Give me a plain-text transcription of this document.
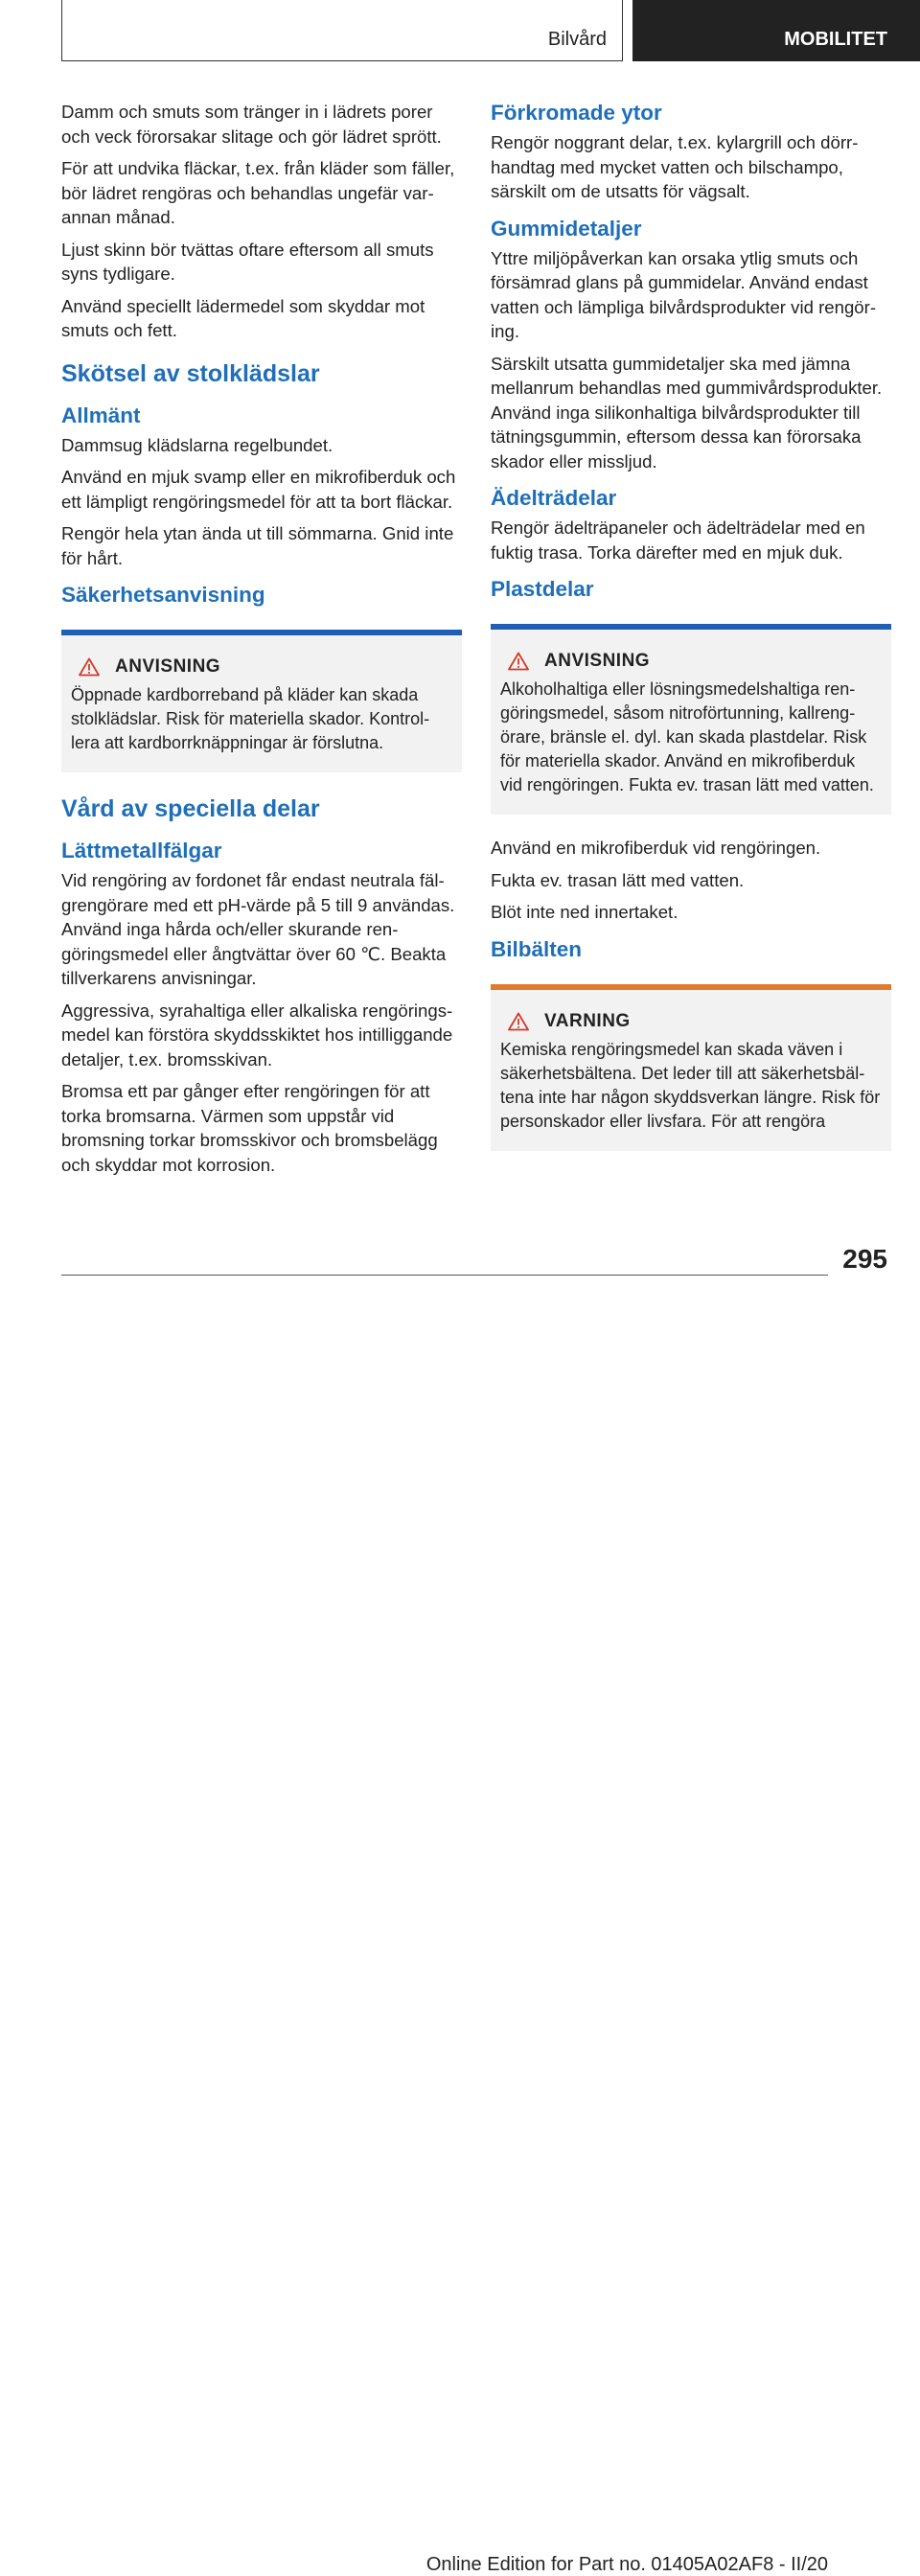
Bilvård	MOBILITET

Damm och smuts som tränger in i lädrets porer och veck förorsakar slitage och gör lädret sprött.

För att undvika fläckar, t.ex. från kläder som fäller, bör lädret rengöras och behandlas ungefär varannan månad.

Ljust skinn bör tvättas oftare eftersom all smuts syns tydligare.

Använd speciellt lädermedel som skyddar mot smuts och fett.

Skötsel av stolklädslar
Allmänt

Dammsug klädslarna regelbundet.

Använd en mjuk svamp eller en mikrofiberduk och ett lämpligt rengöringsmedel för att ta bort fläckar.

Rengör hela ytan ända ut till sömmarna. Gnid inte för hårt.

Säkerhetsanvisning
ANVISNING

Öppnade kardborreband på kläder kan skada stolklädslar. Risk för materiella skador. Kontrollera att kardborrknäppningar är förslutna.

Vård av speciella delar
Lättmetallfälgar

Vid rengöring av fordonet får endast neutrala fälgrengörare med ett pH-värde på 5 till 9 användas. Använd inga hårda och/eller skurande rengöringsmedel eller ångtvättar över 60 ℃. Beakta tillverkarens anvisningar.

Aggressiva, syrahaltiga eller alkaliska rengöringsmedel kan förstöra skyddsskiktet hos intilliggande detaljer, t.ex. bromsskivan.

Bromsa ett par gånger efter rengöringen för att torka bromsarna. Värmen som uppstår vid bromsning torkar bromsskivor och bromsbelägg och skyddar mot korrosion.

Förkromade ytor

Rengör noggrant delar, t.ex. kylargrill och dörrhandtag med mycket vatten och bilschampo, särskilt om de utsatts för vägsalt.

Gummidetaljer

Yttre miljöpåverkan kan orsaka ytlig smuts och försämrad glans på gummidelar. Använd endast vatten och lämpliga bilvårdsprodukter vid rengöring.

Särskilt utsatta gummidetaljer ska med jämna mellanrum behandlas med gummivårdsprodukter. Använd inga silikonhaltiga bilvårdsprodukter till tätningsgummin, eftersom dessa kan förorsaka skador eller missljud.

Ädelträdelar

Rengör ädelträpaneler och ädelträdelar med en fuktig trasa. Torka därefter med en mjuk duk.

Plastdelar
ANVISNING

Alkoholhaltiga eller lösningsmedelshaltiga rengöringsmedel, såsom nitroförtunning, kallrengörare, bränsle el. dyl. kan skada plastdelar. Risk för materiella skador. Använd en mikrofiberduk vid rengöringen. Fukta ev. trasan lätt med vatten.

Använd en mikrofiberduk vid rengöringen.

Fukta ev. trasan lätt med vatten.

Blöt inte ned innertaket.

Bilbälten
VARNING

Kemiska rengöringsmedel kan skada väven i säkerhetsbältena. Det leder till att säkerhetsbältena inte har någon skyddsverkan längre. Risk för personskador eller livsfara. För att rengöra

295
Online Edition for Part no. 01405A02AF8 - II/20
